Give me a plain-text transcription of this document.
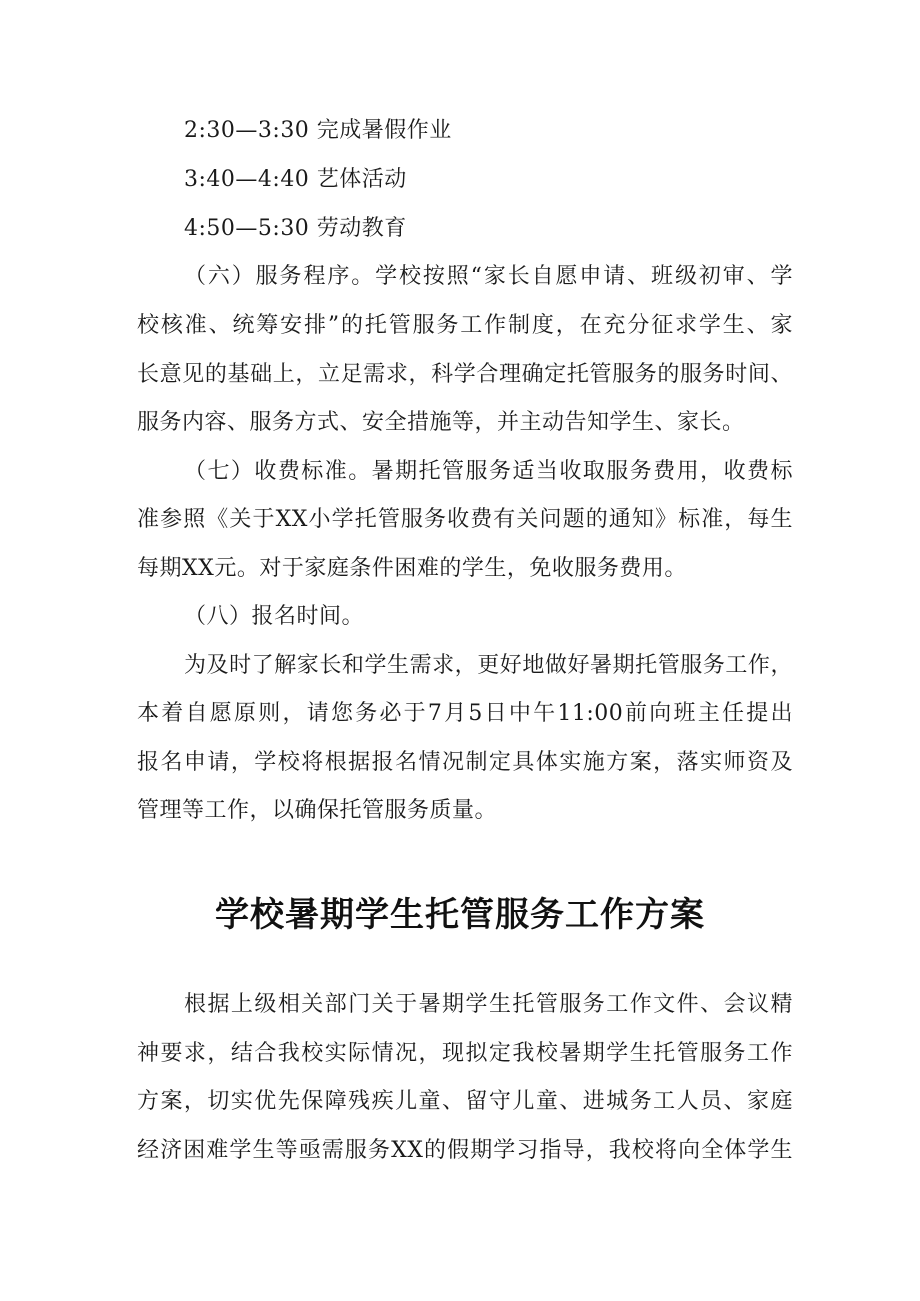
2:30—3:30 完成暑假作业
3:40—4:40 艺体活动
4:50—5:30 劳动教育
（六）服务程序。学校按照“家长自愿申请、班级初审、学
校核准、统筹安排”的托管服务工作制度，在充分征求学生、家
长意见的基础上，立足需求，科学合理确定托管服务的服务时间、
服务内容、服务方式、安全措施等，并主动告知学生、家长。
（七）收费标准。暑期托管服务适当收取服务费用，收费标
准参照《关于XX小学托管服务收费有关问题的通知》标准，每生
每期XX元。对于家庭条件困难的学生，免收服务费用。
（八）报名时间。
为及时了解家长和学生需求，更好地做好暑期托管服务工作，
本着自愿原则，请您务必于7月5日中午11:00前向班主任提出
报名申请，学校将根据报名情况制定具体实施方案，落实师资及
管理等工作，以确保托管服务质量。
学校暑期学生托管服务工作方案
根据上级相关部门关于暑期学生托管服务工作文件、会议精
神要求，结合我校实际情况，现拟定我校暑期学生托管服务工作
方案，切实优先保障残疾儿童、留守儿童、进城务工人员、家庭
经济困难学生等亟需服务XX的假期学习指导，我校将向全体学生
